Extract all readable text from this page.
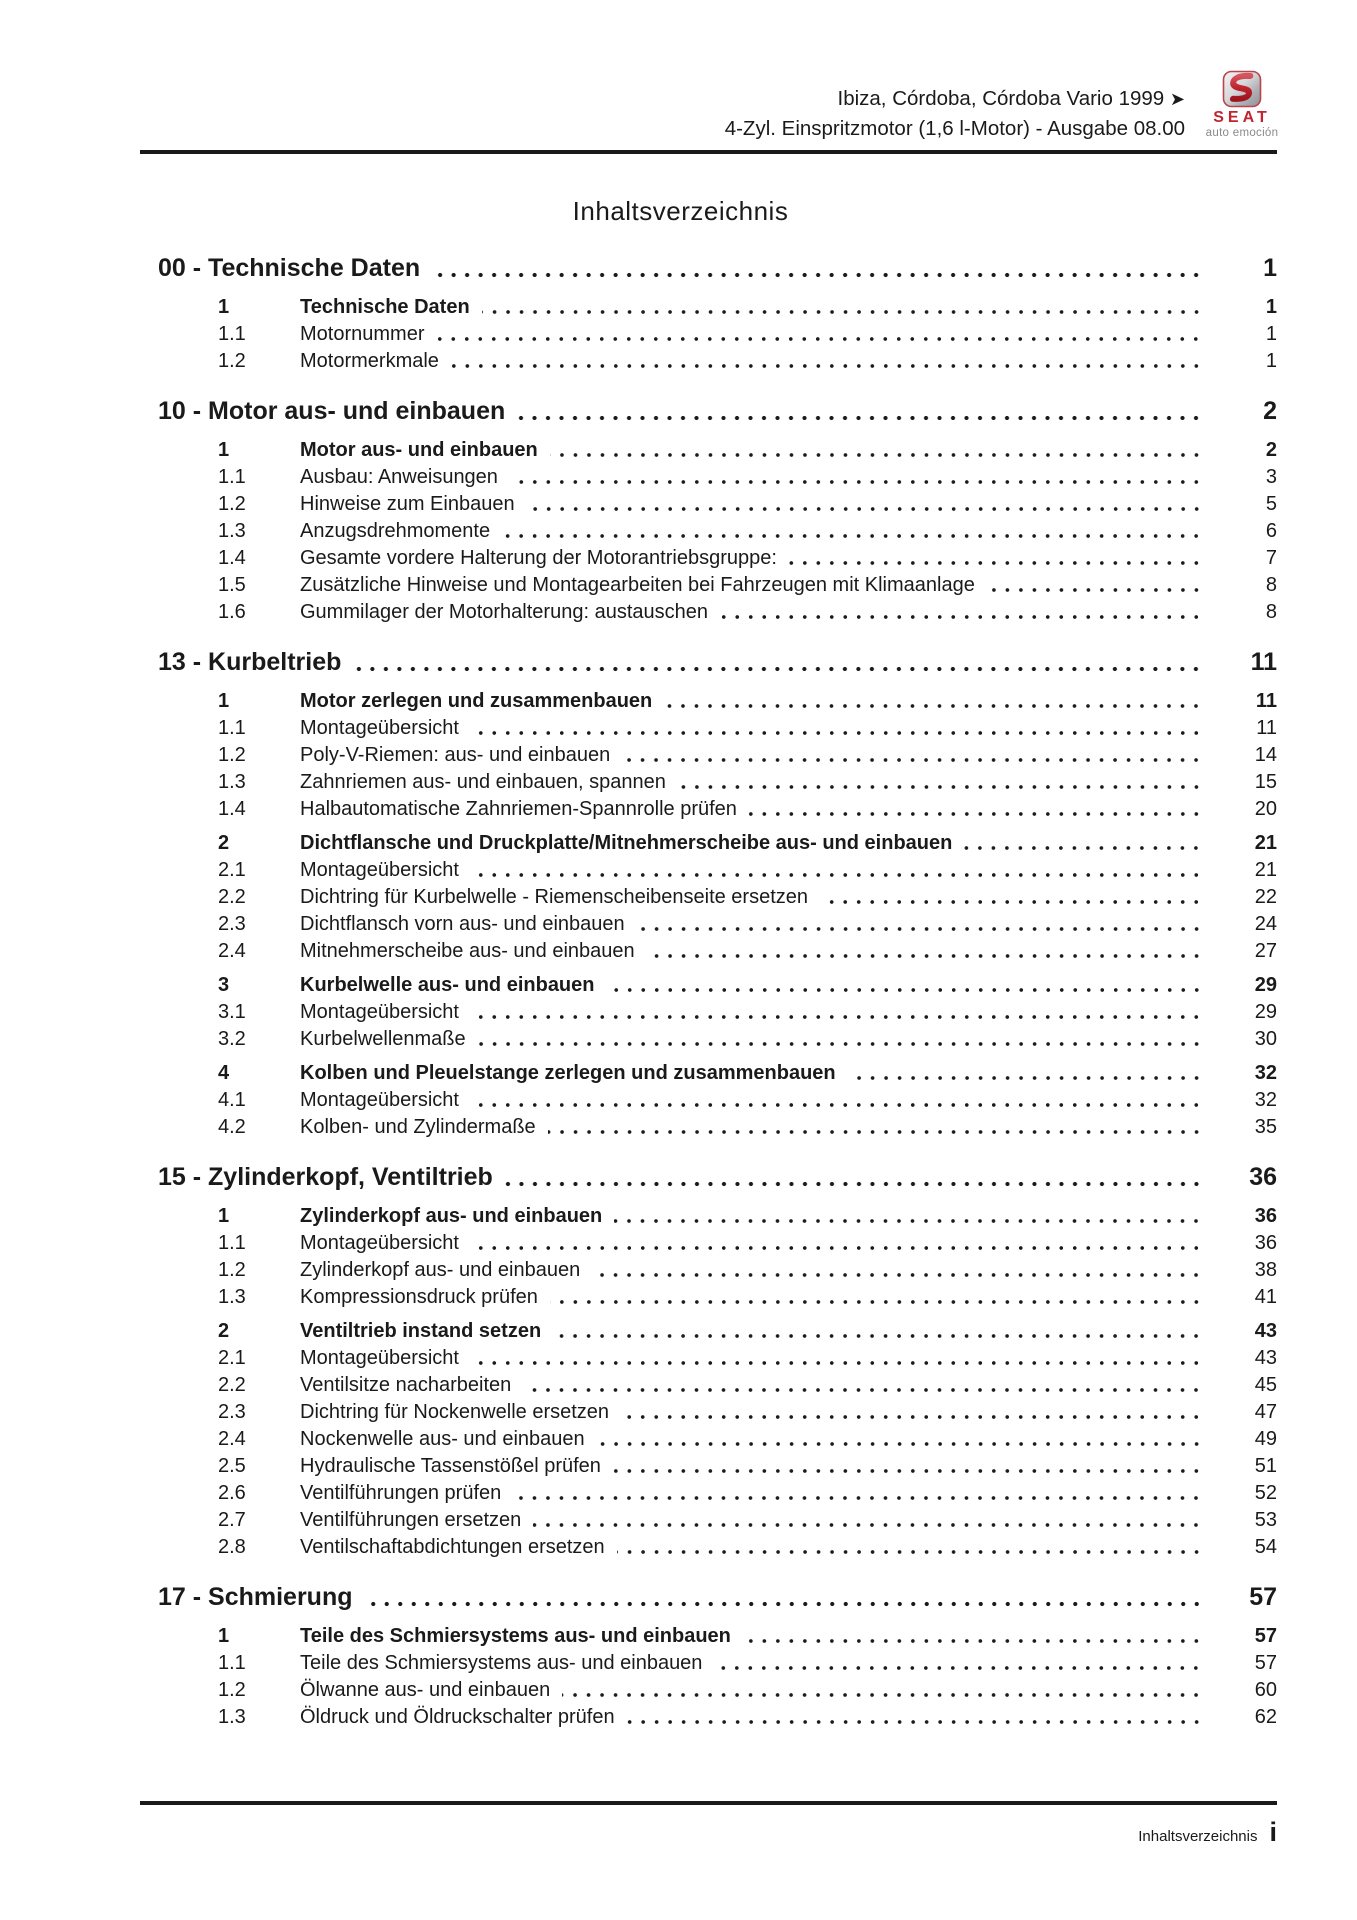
Ibiza, Córdoba, Córdoba Vario 1999 ➤
4-Zyl. Einspritzmotor (1,6 l-Motor) - Ausgabe 08.00	SEAT
auto emoción
Inhaltsverzeichnis
00 - Technische Daten	1
1	Technische Daten	1
1.1	Motornummer	1
1.2	Motormerkmale	1
10 - Motor aus- und einbauen	2
1	Motor aus- und einbauen	2
1.1	Ausbau: Anweisungen	3
1.2	Hinweise zum Einbauen	5
1.3	Anzugsdrehmomente	6
1.4	Gesamte vordere Halterung der Motorantriebsgruppe:	7
1.5	Zusätzliche Hinweise und Montagearbeiten bei Fahrzeugen mit Klimaanlage	8
1.6	Gummilager der Motorhalterung: austauschen	8
13 - Kurbeltrieb	11
1	Motor zerlegen und zusammenbauen	11
1.1	Montageübersicht	11
1.2	Poly-V-Riemen: aus- und einbauen	14
1.3	Zahnriemen aus- und einbauen, spannen	15
1.4	Halbautomatische Zahnriemen-Spannrolle prüfen	20
2	Dichtflansche und Druckplatte/Mitnehmerscheibe aus- und einbauen	21
2.1	Montageübersicht	21
2.2	Dichtring für Kurbelwelle - Riemenscheibenseite ersetzen	22
2.3	Dichtflansch vorn aus- und einbauen	24
2.4	Mitnehmerscheibe aus- und einbauen	27
3	Kurbelwelle aus- und einbauen	29
3.1	Montageübersicht	29
3.2	Kurbelwellenmaße	30
4	Kolben und Pleuelstange zerlegen und zusammenbauen	32
4.1	Montageübersicht	32
4.2	Kolben- und Zylindermaße	35
15 - Zylinderkopf, Ventiltrieb	36
1	Zylinderkopf aus- und einbauen	36
1.1	Montageübersicht	36
1.2	Zylinderkopf aus- und einbauen	38
1.3	Kompressionsdruck prüfen	41
2	Ventiltrieb instand setzen	43
2.1	Montageübersicht	43
2.2	Ventilsitze nacharbeiten	45
2.3	Dichtring für Nockenwelle ersetzen	47
2.4	Nockenwelle aus- und einbauen	49
2.5	Hydraulische Tassenstößel prüfen	51
2.6	Ventilführungen prüfen	52
2.7	Ventilführungen ersetzen	53
2.8	Ventilschaftabdichtungen ersetzen	54
17 - Schmierung	57
1	Teile des Schmiersystems aus- und einbauen	57
1.1	Teile des Schmiersystems aus- und einbauen	57
1.2	Ölwanne aus- und einbauen	60
1.3	Öldruck und Öldruckschalter prüfen	62
Inhaltsverzeichnis i
